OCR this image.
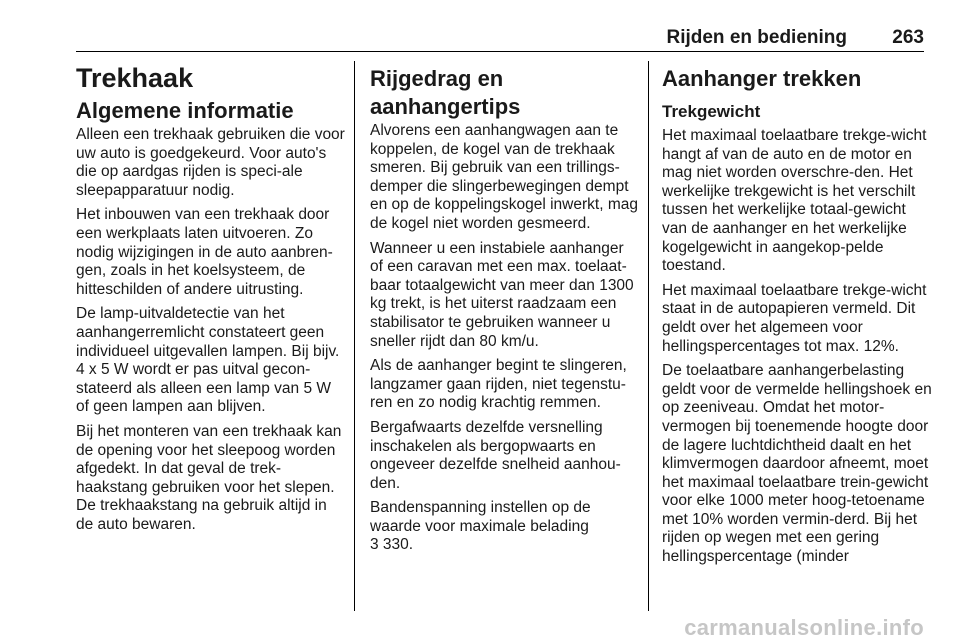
Rijden en bediening 263
Trekhaak
Algemene informatie

Alleen een trekhaak gebruiken die voor uw auto is goedgekeurd. Voor auto's die op aardgas rijden is speci-ale sleepapparatuur nodig.

Het inbouwen van een trekhaak door een werkplaats laten uitvoeren. Zo nodig wijzigingen in de auto aanbren-gen, zoals in het koelsysteem, de hitteschilden of andere uitrusting.

De lamp-uitvaldetectie van het aanhangerremlicht constateert geen individueel uitgevallen lampen. Bij bijv. 4 x 5 W wordt er pas uitval gecon-stateerd als alleen een lamp van 5 W of geen lampen aan blijven.

Bij het monteren van een trekhaak kan de opening voor het sleepoog worden afgedekt. In dat geval de trek-haakstang gebruiken voor het slepen. De trekhaakstang na gebruik altijd in de auto bewaren.

Rijgedrag en aanhangertips

Alvorens een aanhangwagen aan te koppelen, de kogel van de trekhaak smeren. Bij gebruik van een trillings-demper die slingerbewegingen dempt en op de koppelingskogel inwerkt, mag de kogel niet worden gesmeerd.

Wanneer u een instabiele aanhanger of een caravan met een max. toelaat-baar totaalgewicht van meer dan 1300 kg trekt, is het uiterst raadzaam een stabilisator te gebruiken wanneer u sneller rijdt dan 80 km/u.

Als de aanhanger begint te slingeren, langzamer gaan rijden, niet tegenstu-ren en zo nodig krachtig remmen.

Bergafwaarts dezelfde versnelling inschakelen als bergopwaarts en ongeveer dezelfde snelheid aanhou-den.

Bandenspanning instellen op de waarde voor maximale belading

3 330.

Aanhanger trekken
Trekgewicht

Het maximaal toelaatbare trekge-wicht hangt af van de auto en de motor en mag niet worden overschre-den. Het werkelijke trekgewicht is het verschilt tussen het werkelijke totaal-gewicht van de aanhanger en het werkelijke kogelgewicht in aangekop-pelde toestand.

Het maximaal toelaatbare trekge-wicht staat in de autopapieren vermeld. Dit geldt over het algemeen voor hellingspercentages tot max. 12%.

De toelaatbare aanhangerbelasting geldt voor de vermelde hellingshoek en op zeeniveau. Omdat het motor-vermogen bij toenemende hoogte door de lagere luchtdichtheid daalt en het klimvermogen daardoor afneemt, moet het maximaal toelaatbare trein-gewicht voor elke 1000 meter hoog-tetoename met 10% worden vermin-derd. Bij het rijden op wegen met een gering hellingspercentage (minder

carmanualsonline.info
